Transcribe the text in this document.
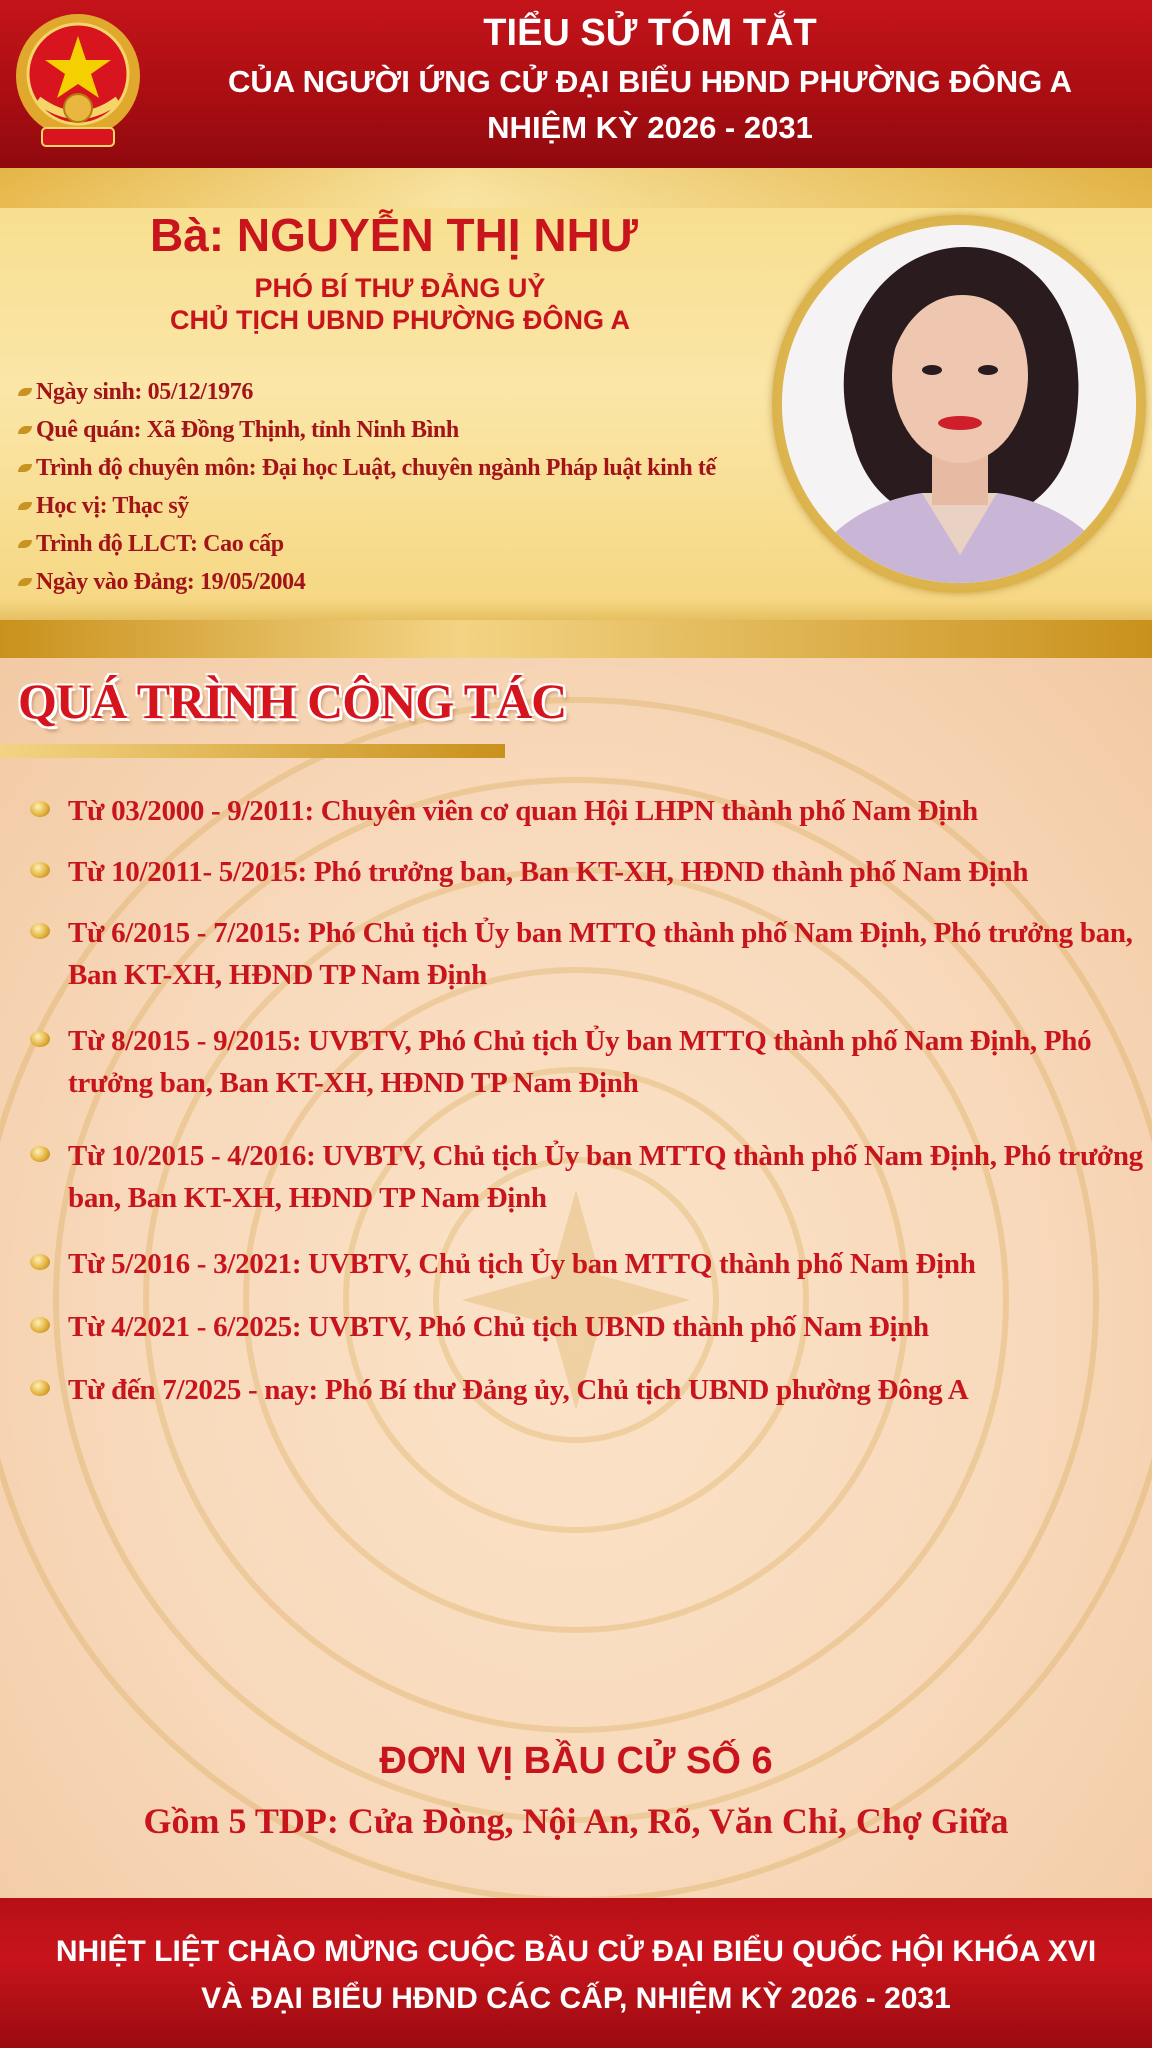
TIỂU SỬ TÓM TẮT
CỦA NGƯỜI ỨNG CỬ ĐẠI BIỂU HĐND PHƯỜNG ĐÔNG A
NHIỆM KỲ 2026 - 2031
Bà: NGUYỄN THỊ NHƯ
PHÓ BÍ THƯ ĐẢNG UỶ
CHỦ TỊCH UBND PHƯỜNG ĐÔNG A
Ngày sinh: 05/12/1976
Quê quán: Xã Đồng Thịnh, tỉnh Ninh Bình
Trình độ chuyên môn: Đại học Luật, chuyên ngành Pháp luật kinh tế
Học vị: Thạc sỹ
Trình độ LLCT: Cao cấp
Ngày vào Đảng: 19/05/2004
QUÁ TRÌNH CÔNG TÁC
Từ 03/2000 - 9/2011: Chuyên viên cơ quan Hội LHPN thành phố Nam Định
Từ 10/2011- 5/2015: Phó trưởng ban, Ban KT-XH, HĐND thành phố Nam Định
Từ 6/2015 - 7/2015: Phó Chủ tịch Ủy ban MTTQ thành phố Nam Định, Phó trưởng ban, Ban KT-XH, HĐND TP Nam Định
Từ 8/2015 - 9/2015: UVBTV, Phó Chủ tịch Ủy ban MTTQ thành phố Nam Định, Phó trưởng ban, Ban KT-XH, HĐND TP Nam Định
Từ 10/2015 - 4/2016: UVBTV, Chủ tịch Ủy ban MTTQ thành phố Nam Định, Phó trưởng ban, Ban KT-XH, HĐND TP Nam Định
Từ 5/2016 - 3/2021: UVBTV, Chủ tịch Ủy ban MTTQ thành phố Nam Định
Từ 4/2021 - 6/2025: UVBTV, Phó Chủ tịch UBND thành phố Nam Định
Từ đến 7/2025 - nay: Phó Bí thư Đảng ủy, Chủ tịch UBND phường Đông A
ĐƠN VỊ BẦU CỬ SỐ 6
Gồm 5 TDP: Cửa Đòng, Nội An, Rõ, Văn Chỉ, Chợ Giữa
NHIỆT LIỆT CHÀO MỪNG CUỘC BẦU CỬ ĐẠI BIỂU QUỐC HỘI KHÓA XVI
VÀ ĐẠI BIỂU HĐND CÁC CẤP, NHIỆM KỲ 2026 - 2031
